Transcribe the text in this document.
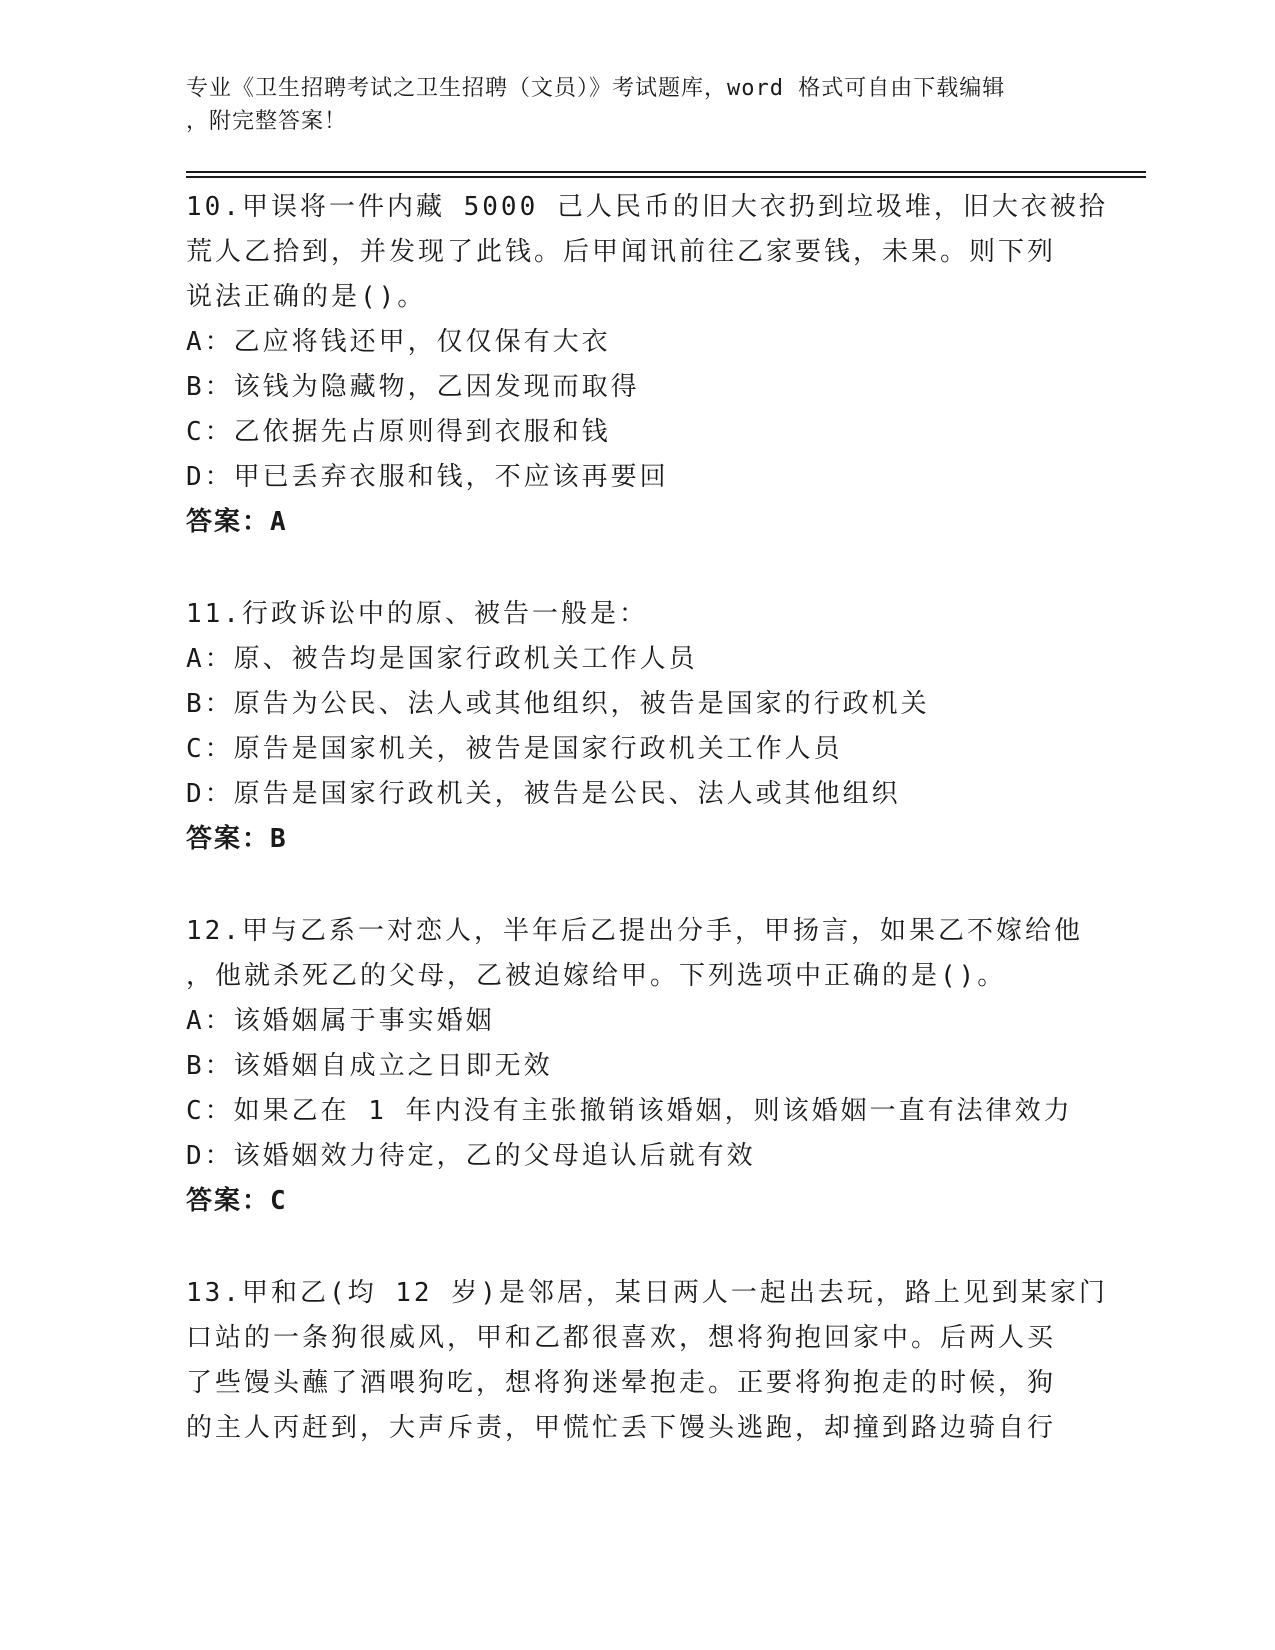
专业《卫生招聘考试之卫生招聘（文员）》考试题库，word 格式可自由下载编辑
，附完整答案！
10.甲误将一件内藏 5000 己人民币的旧大衣扔到垃圾堆，旧大衣被拾
荒人乙拾到，并发现了此钱。后甲闻讯前往乙家要钱，未果。则下列
说法正确的是()。
A：乙应将钱还甲，仅仅保有大衣
B：该钱为隐藏物，乙因发现而取得
C：乙依据先占原则得到衣服和钱
D：甲已丢弃衣服和钱，不应该再要回
答案：A
11.行政诉讼中的原、被告一般是：
A：原、被告均是国家行政机关工作人员
B：原告为公民、法人或其他组织，被告是国家的行政机关
C：原告是国家机关，被告是国家行政机关工作人员
D：原告是国家行政机关，被告是公民、法人或其他组织
答案：B
12.甲与乙系一对恋人，半年后乙提出分手，甲扬言，如果乙不嫁给他
，他就杀死乙的父母，乙被迫嫁给甲。下列选项中正确的是()。
A：该婚姻属于事实婚姻
B：该婚姻自成立之日即无效
C：如果乙在 1 年内没有主张撤销该婚姻，则该婚姻一直有法律效力
D：该婚姻效力待定，乙的父母追认后就有效
答案：C
13.甲和乙(均 12 岁)是邻居，某日两人一起出去玩，路上见到某家门
口站的一条狗很威风，甲和乙都很喜欢，想将狗抱回家中。后两人买
了些馒头蘸了酒喂狗吃，想将狗迷晕抱走。正要将狗抱走的时候，狗
的主人丙赶到，大声斥责，甲慌忙丢下馒头逃跑，却撞到路边骑自行
